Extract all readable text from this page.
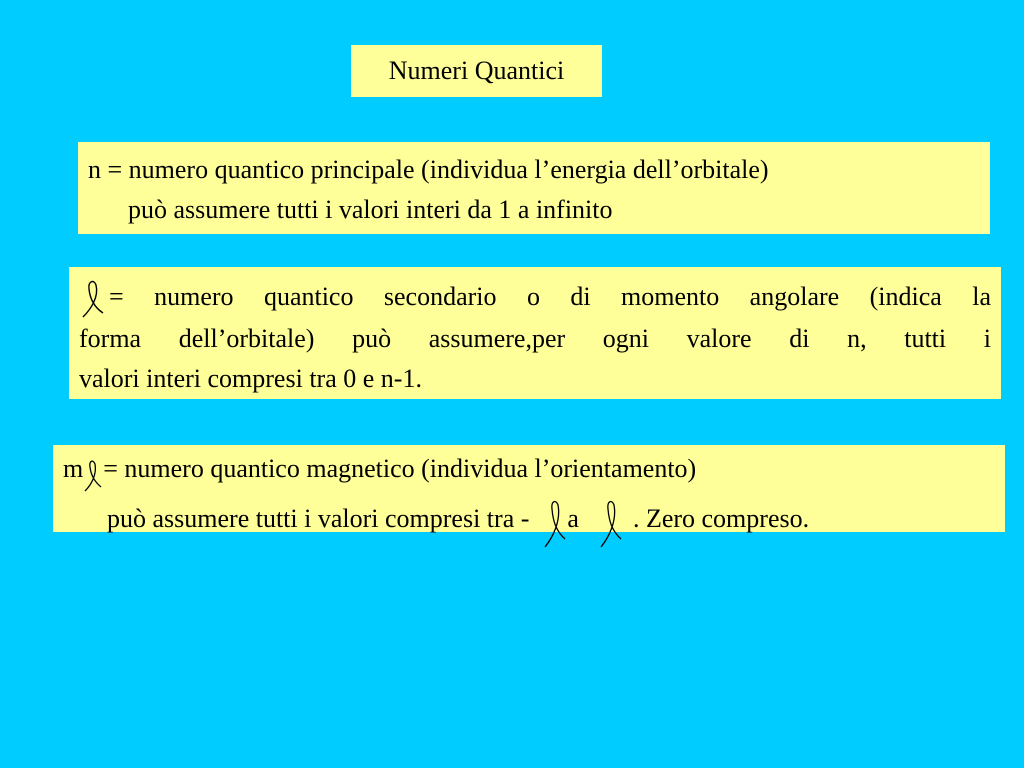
Numeri Quantici
n = numero quantico principale (individua l’energia dell’orbitale)
può assumere tutti i valori interi da 1 a infinito
= numero quantico secondario o di momento angolare (indica la
forma dell’orbitale) può assumere,per ogni valore di n, tutti i
valori interi compresi tra 0 e n-1.
m = numero quantico magnetico (individua l’orientamento)
può assumere tutti i valori compresi tra - a . Zero compreso.
